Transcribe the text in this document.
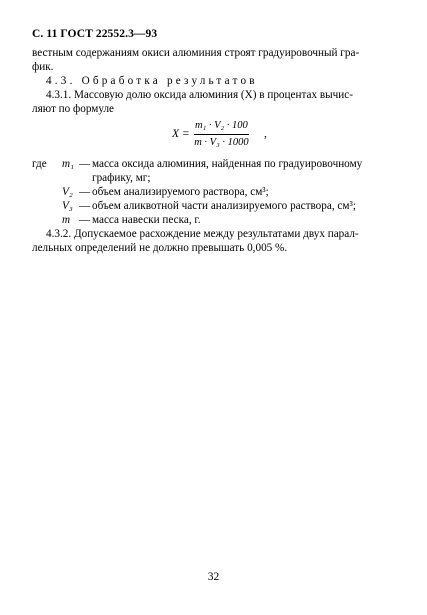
С. 11 ГОСТ 22552.3—93
вестным содержаниям окиси алюминия строят градуировочный гра-
фик.
4.3. Обработка результатов
4.3.1. Массовую долю оксида алюминия (X) в процентах вычис-
ляют по формуле
X =
m₁ · V₂ · 100
m · V₃ · 1000
,
где m₁ — масса оксида алюминия, найденная по градуировочному
графику, мг;
V₂ — объем анализируемого раствора, см³;
V₃ — объем аликвотной части анализируемого раствора, см³;
m — масса навески песка, г.
4.3.2. Допускаемое расхождение между результатами двух парал-
лельных определений не должно превышать 0,005 %.
32
